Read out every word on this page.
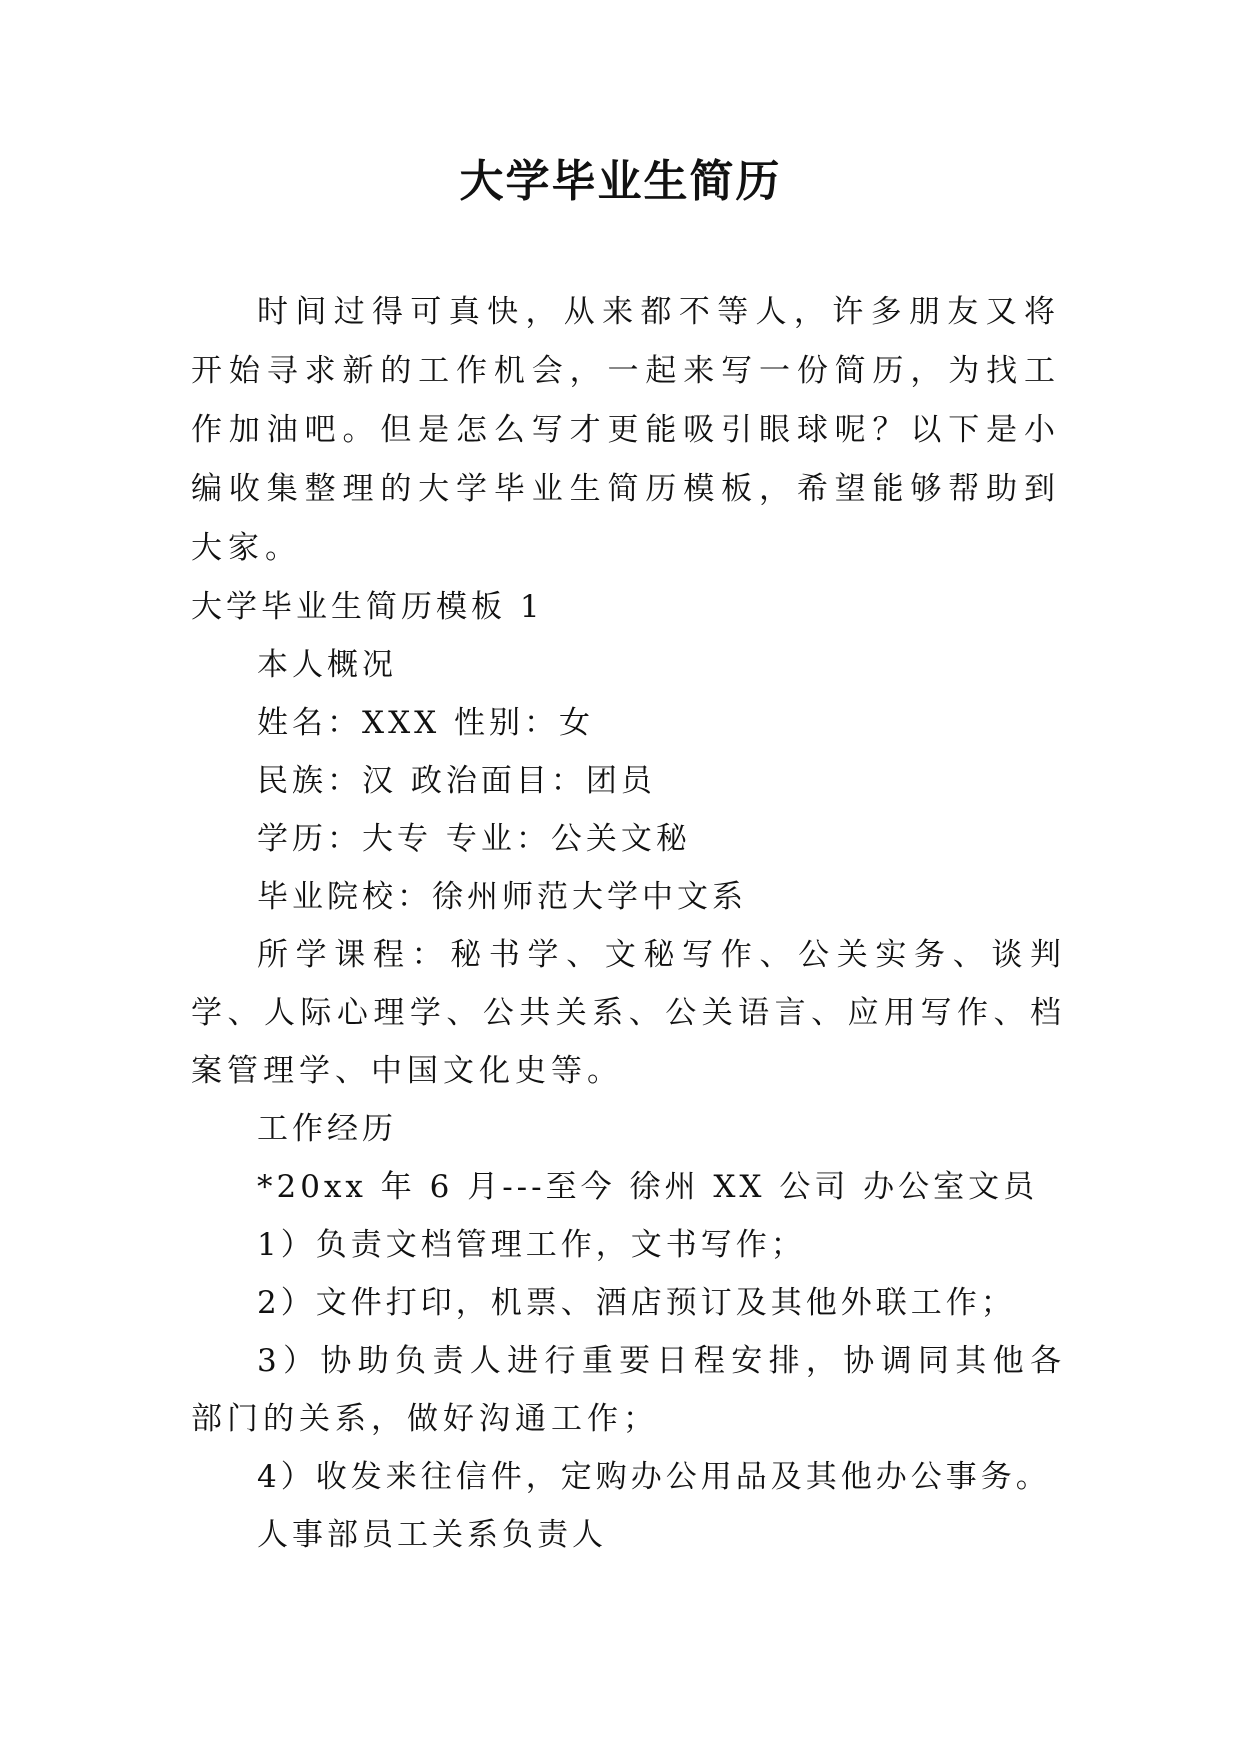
大学毕业生简历

时间过得可真快，从来都不等人，许多朋友又将开始寻求新的工作机会，一起来写一份简历，为找工作加油吧。但是怎么写才更能吸引眼球呢？以下是小编收集整理的大学毕业生简历模板，希望能够帮助到大家。

大学毕业生简历模板 1

本人概况

姓名：XXX 性别：女

民族：汉 政治面目：团员

学历：大专 专业：公关文秘

毕业院校：徐州师范大学中文系

所学课程：秘书学、文秘写作、公关实务、谈判学、人际心理学、公共关系、公关语言、应用写作、档案管理学、中国文化史等。

工作经历

*20xx 年 6 月---至今 徐州 XX 公司 办公室文员

1）负责文档管理工作，文书写作；

2）文件打印，机票、酒店预订及其他外联工作；

3）协助负责人进行重要日程安排，协调同其他各部门的关系，做好沟通工作；

4）收发来往信件，定购办公用品及其他办公事务。

人事部员工关系负责人
